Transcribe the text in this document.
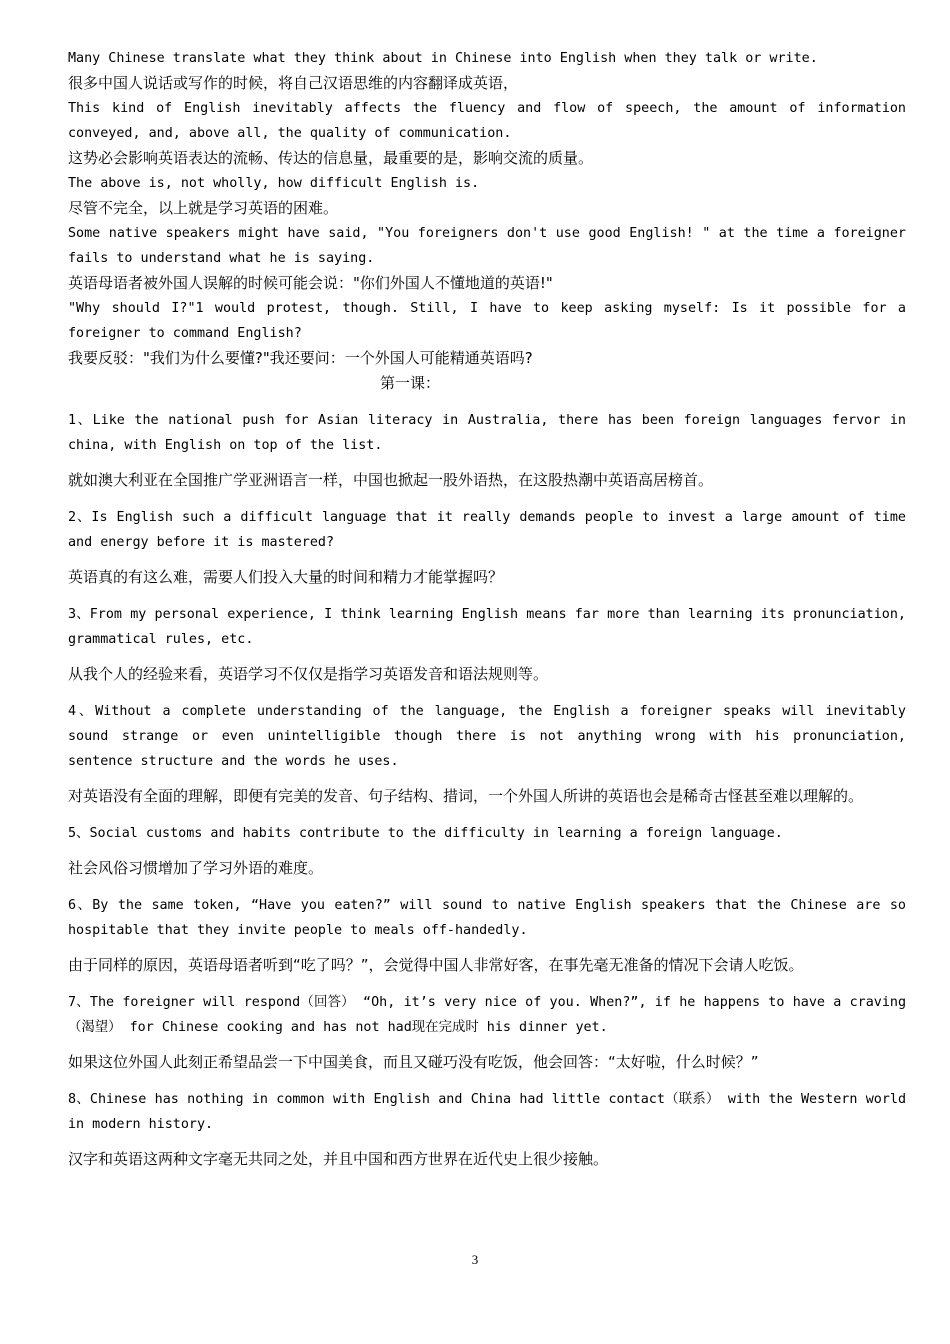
Many Chinese translate what they think about in Chinese into English when they talk or write.

很多中国人说话或写作的时候，将自己汉语思维的内容翻译成英语，

This kind of English inevitably affects the fluency and flow of speech, the amount of information conveyed, and, above all, the quality of communication.

这势必会影响英语表达的流畅、传达的信息量，最重要的是，影响交流的质量。

The above is, not wholly, how difficult English is.

尽管不完全，以上就是学习英语的困难。

Some native speakers might have said, "You foreigners don't use good English! " at the time a foreigner fails to understand what he is saying.

英语母语者被外国人误解的时候可能会说："你们外国人不懂地道的英语!"

"Why should I?"1 would protest, though. Still, I have to keep asking myself: Is it possible for a foreigner to command English?

我要反驳："我们为什么要懂?"我还要问：一个外国人可能精通英语吗?

第一课：

1、Like the national push for Asian literacy in Australia, there has been foreign languages fervor in china, with English on top of the list.

就如澳大利亚在全国推广学亚洲语言一样，中国也掀起一股外语热，在这股热潮中英语高居榜首。

2、Is English such a difficult language that it really demands people to invest a large amount of time and energy before it is mastered?

英语真的有这么难，需要人们投入大量的时间和精力才能掌握吗？

3、From my personal experience, I think learning English means far more than learning its pronunciation, grammatical rules, etc.

从我个人的经验来看，英语学习不仅仅是指学习英语发音和语法规则等。

4、Without a complete understanding of the language, the English a foreigner speaks will inevitably sound strange or even unintelligible though there is not anything wrong with his pronunciation, sentence structure and the words he uses.

对英语没有全面的理解，即便有完美的发音、句子结构、措词，一个外国人所讲的英语也会是稀奇古怪甚至难以理解的。

5、Social customs and habits contribute to the difficulty in learning a foreign language.

社会风俗习惯增加了学习外语的难度。

6、By the same token, “Have you eaten?” will sound to native English speakers that the Chinese are so hospitable that they invite people to meals off-handedly.

由于同样的原因，英语母语者听到“吃了吗？”，会觉得中国人非常好客，在事先毫无准备的情况下会请人吃饭。

7、The foreigner will respond（回答） “Oh, it’s very nice of you. When?”, if he happens to have a craving（渴望） for Chinese cooking and has not had现在完成时 his dinner yet.

如果这位外国人此刻正希望品尝一下中国美食，而且又碰巧没有吃饭，他会回答：“太好啦，什么时候？”

8、Chinese has nothing in common with English and China had little contact（联系） with the Western world in modern history.

汉字和英语这两种文字毫无共同之处，并且中国和西方世界在近代史上很少接触。

3
